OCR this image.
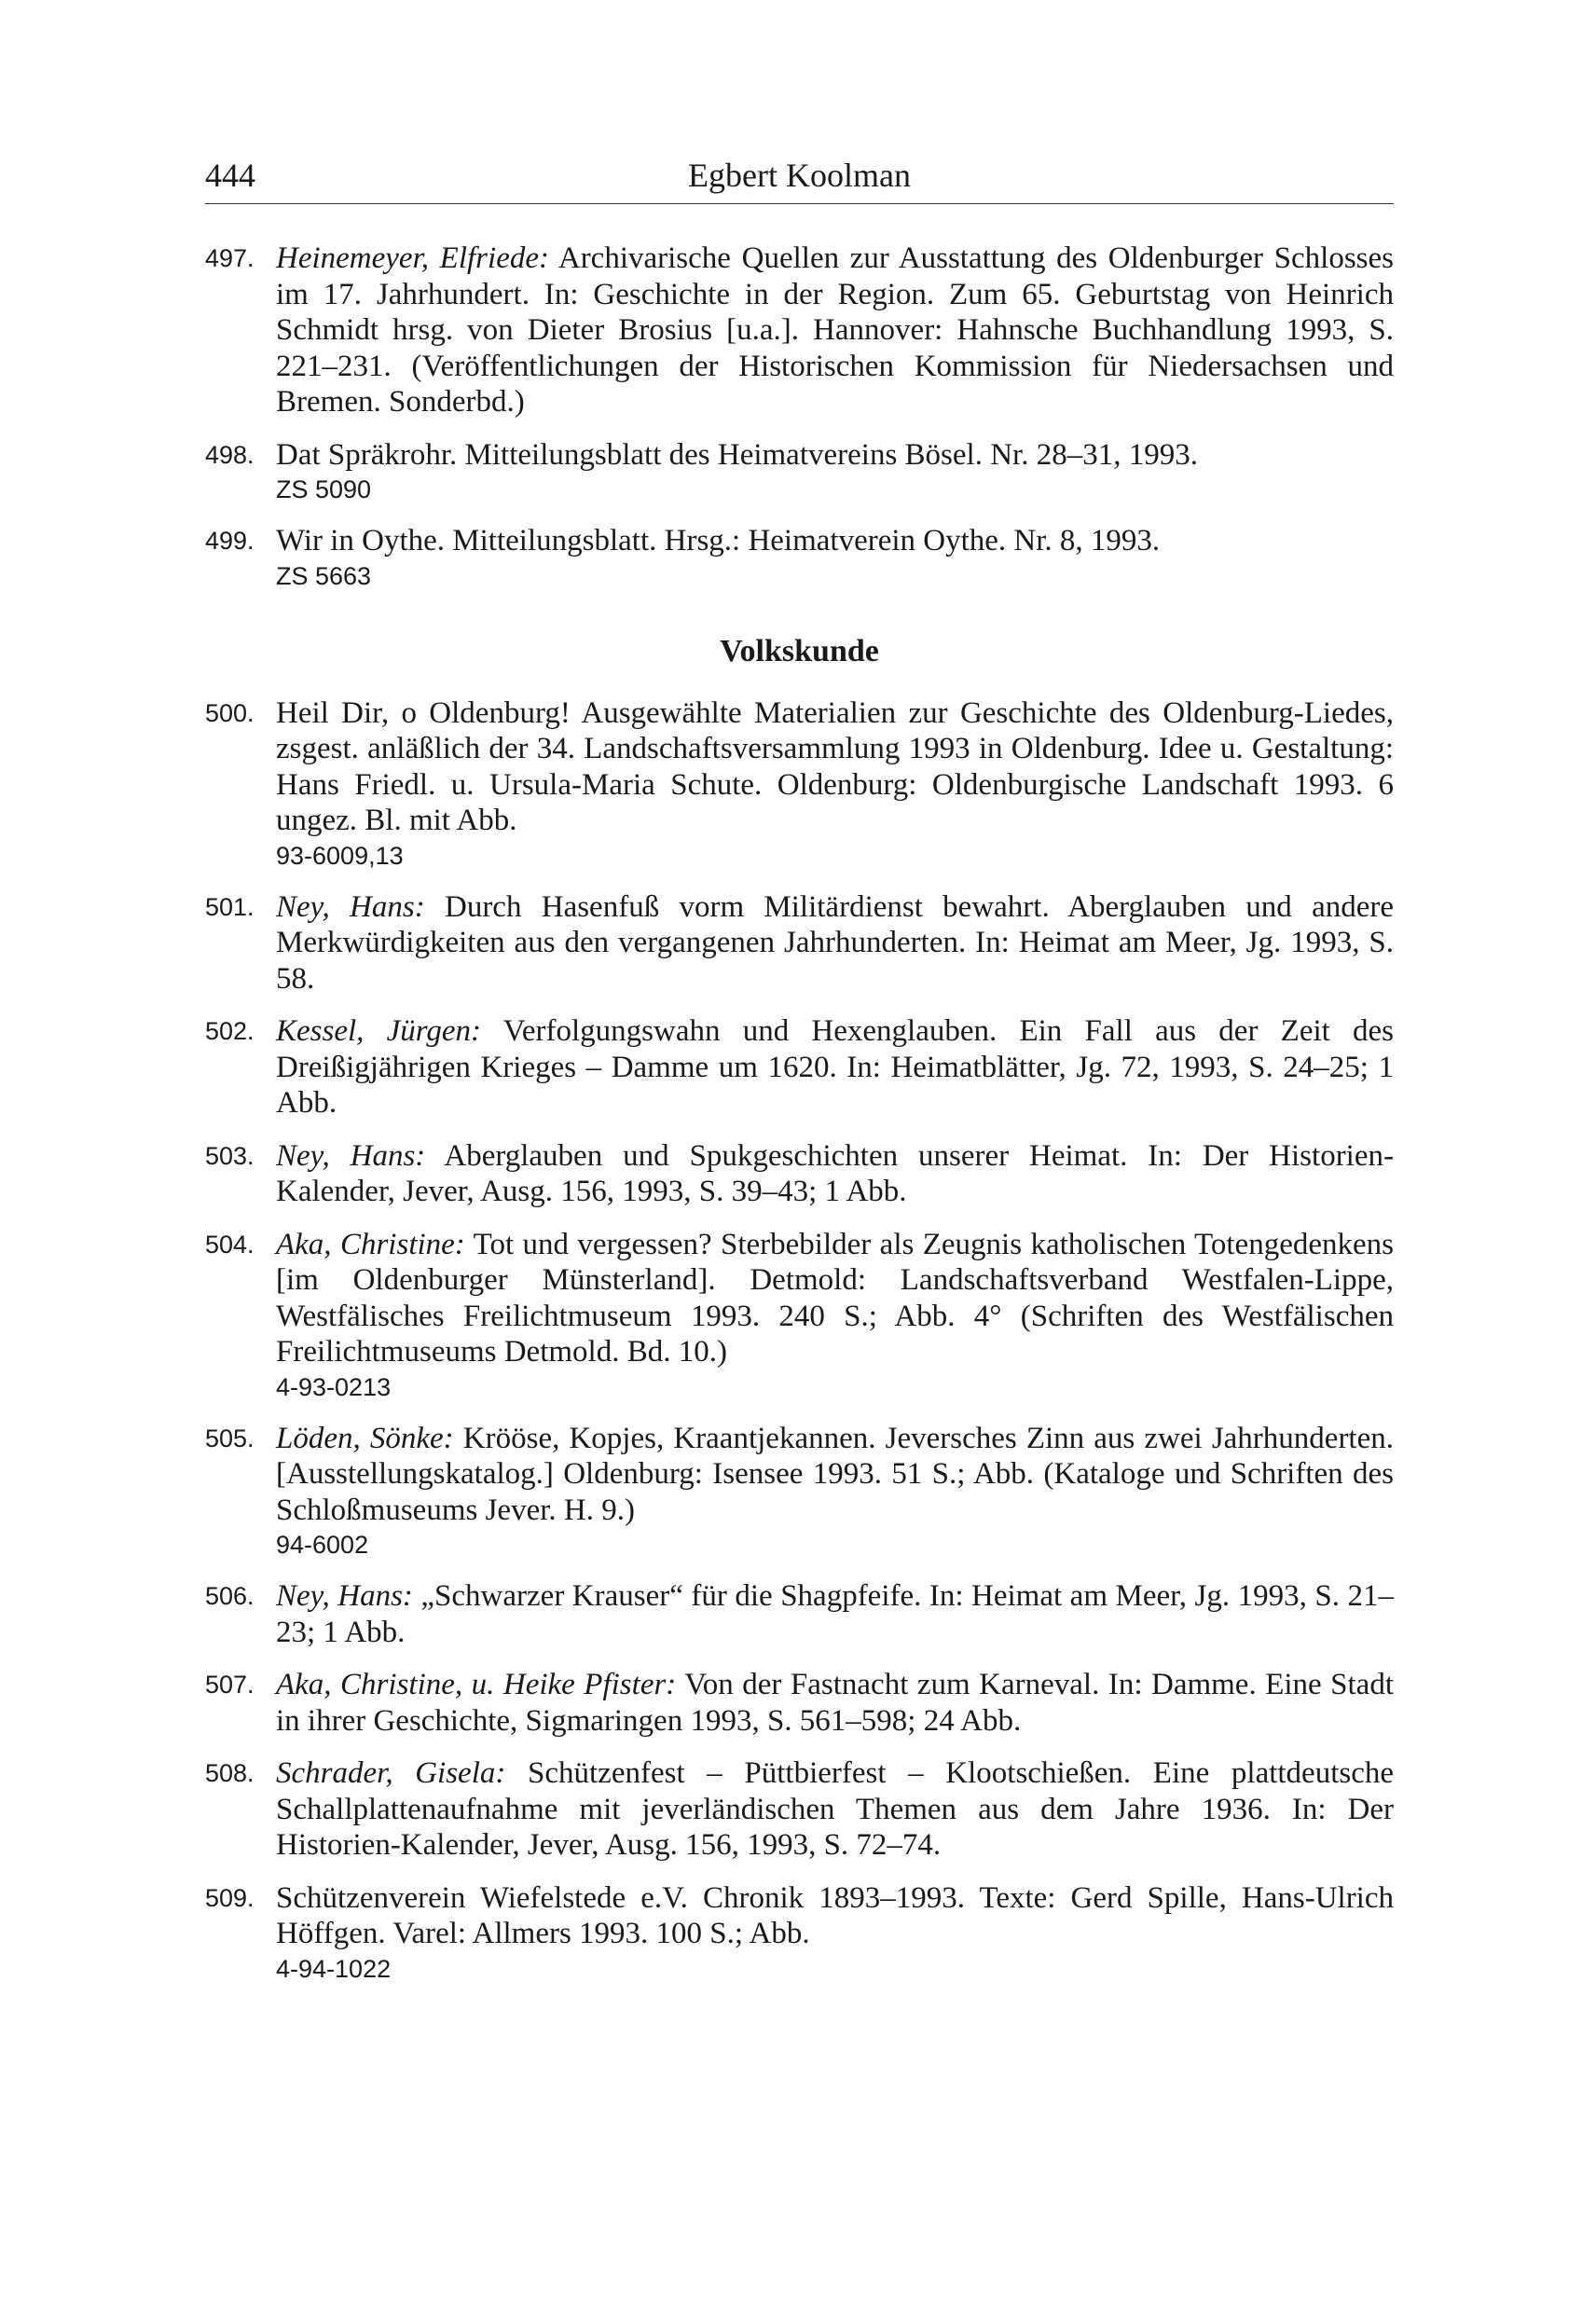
444	Egbert Koolman
497. Heinemeyer, Elfriede: Archivarische Quellen zur Ausstattung des Oldenburger Schlosses im 17. Jahrhundert. In: Geschichte in der Region. Zum 65. Geburtstag von Heinrich Schmidt hrsg. von Dieter Brosius [u.a.]. Hannover: Hahnsche Buchhandlung 1993, S. 221–231. (Veröffentlichungen der Historischen Kommission für Niedersachsen und Bremen. Sonderbd.)
498. Dat Spräkrohr. Mitteilungsblatt des Heimatvereins Bösel. Nr. 28–31, 1993.
ZS 5090
499. Wir in Oythe. Mitteilungsblatt. Hrsg.: Heimatverein Oythe. Nr. 8, 1993.
ZS 5663
Volkskunde
500. Heil Dir, o Oldenburg! Ausgewählte Materialien zur Geschichte des Oldenburg-Liedes, zsgest. anläßlich der 34. Landschaftsversammlung 1993 in Oldenburg. Idee u. Gestaltung: Hans Friedl. u. Ursula-Maria Schute. Oldenburg: Oldenburgische Landschaft 1993. 6 ungez. Bl. mit Abb.
93-6009,13
501. Ney, Hans: Durch Hasenfuß vorm Militärdienst bewahrt. Aberglauben und andere Merkwürdigkeiten aus den vergangenen Jahrhunderten. In: Heimat am Meer, Jg. 1993, S. 58.
502. Kessel, Jürgen: Verfolgungswahn und Hexenglauben. Ein Fall aus der Zeit des Dreißigjährigen Krieges – Damme um 1620. In: Heimatblätter, Jg. 72, 1993, S. 24–25; 1 Abb.
503. Ney, Hans: Aberglauben und Spukgeschichten unserer Heimat. In: Der Historien-Kalender, Jever, Ausg. 156, 1993, S. 39–43; 1 Abb.
504. Aka, Christine: Tot und vergessen? Sterbebilder als Zeugnis katholischen Totengedenkens [im Oldenburger Münsterland]. Detmold: Landschaftsverband Westfalen-Lippe, Westfälisches Freilichtmuseum 1993. 240 S.; Abb. 4° (Schriften des Westfälischen Freilichtmuseums Detmold. Bd. 10.)
4-93-0213
505. Löden, Sönke: Krööse, Kopjes, Kraantjekannen. Jeversches Zinn aus zwei Jahrhunderten. [Ausstellungskatalog.] Oldenburg: Isensee 1993. 51 S.; Abb. (Kataloge und Schriften des Schloßmuseums Jever. H. 9.)
94-6002
506. Ney, Hans: „Schwarzer Krauser“ für die Shagpfeife. In: Heimat am Meer, Jg. 1993, S. 21–23; 1 Abb.
507. Aka, Christine, u. Heike Pfister: Von der Fastnacht zum Karneval. In: Damme. Eine Stadt in ihrer Geschichte, Sigmaringen 1993, S. 561–598; 24 Abb.
508. Schrader, Gisela: Schützenfest – Püttbierfest – Klootschießen. Eine plattdeutsche Schallplattenaufnahme mit jeverländischen Themen aus dem Jahre 1936. In: Der Historien-Kalender, Jever, Ausg. 156, 1993, S. 72–74.
509. Schützenverein Wiefelstede e.V. Chronik 1893–1993. Texte: Gerd Spille, Hans-Ulrich Höffgen. Varel: Allmers 1993. 100 S.; Abb.
4-94-1022
